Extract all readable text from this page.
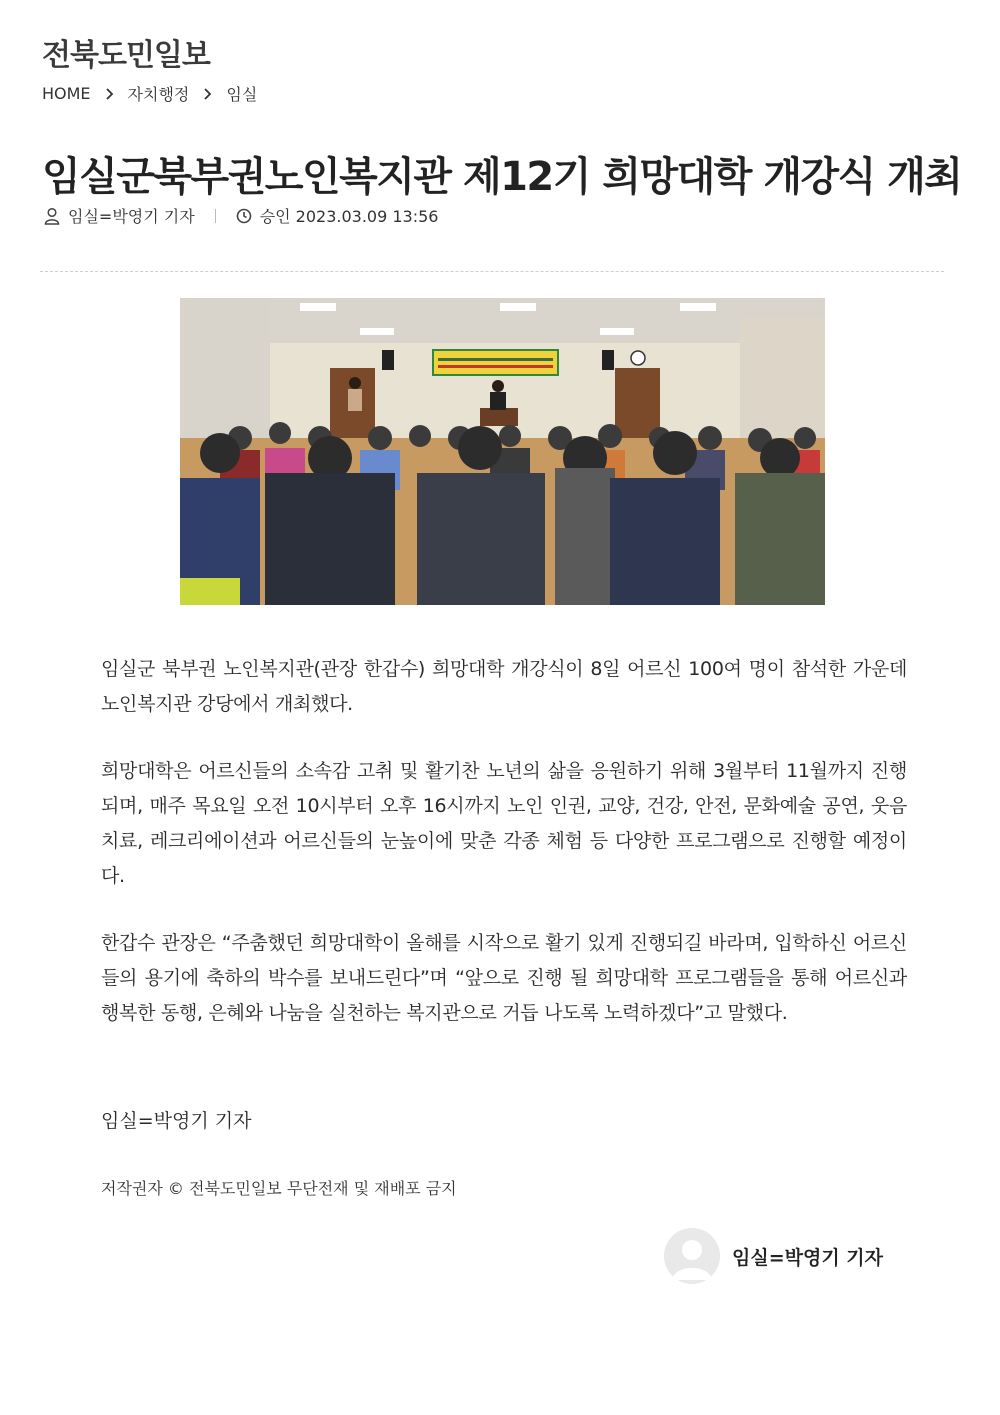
전북도민일보
HOME 자치행정 임실
임실군북부권노인복지관 제12기 희망대학 개강식 개최
임실=박영기 기자	승인 2023.03.09 13:56

임실군 북부권 노인복지관(관장 한갑수) 희망대학 개강식이 8일 어르신 100여 명이 참석한 가운데 노인복지관 강당에서 개최했다.

희망대학은 어르신들의 소속감 고취 및 활기찬 노년의 삶을 응원하기 위해 3월부터 11월까지 진행되며, 매주 목요일 오전 10시부터 오후 16시까지 노인 인권, 교양, 건강, 안전, 문화예술 공연, 웃음 치료, 레크리에이션과 어르신들의 눈높이에 맞춘 각종 체험 등 다양한 프로그램으로 진행할 예정이다.

한갑수 관장은 “주춤했던 희망대학이 올해를 시작으로 활기 있게 진행되길 바라며, 입학하신 어르신들의 용기에 축하의 박수를 보내드린다”며 “앞으로 진행 될 희망대학 프로그램들을 통해 어르신과 행복한 동행, 은혜와 나눔을 실천하는 복지관으로 거듭 나도록 노력하겠다”고 말했다.

임실=박영기 기자
저작권자 © 전북도민일보 무단전재 및 재배포 금지
임실=박영기 기자
